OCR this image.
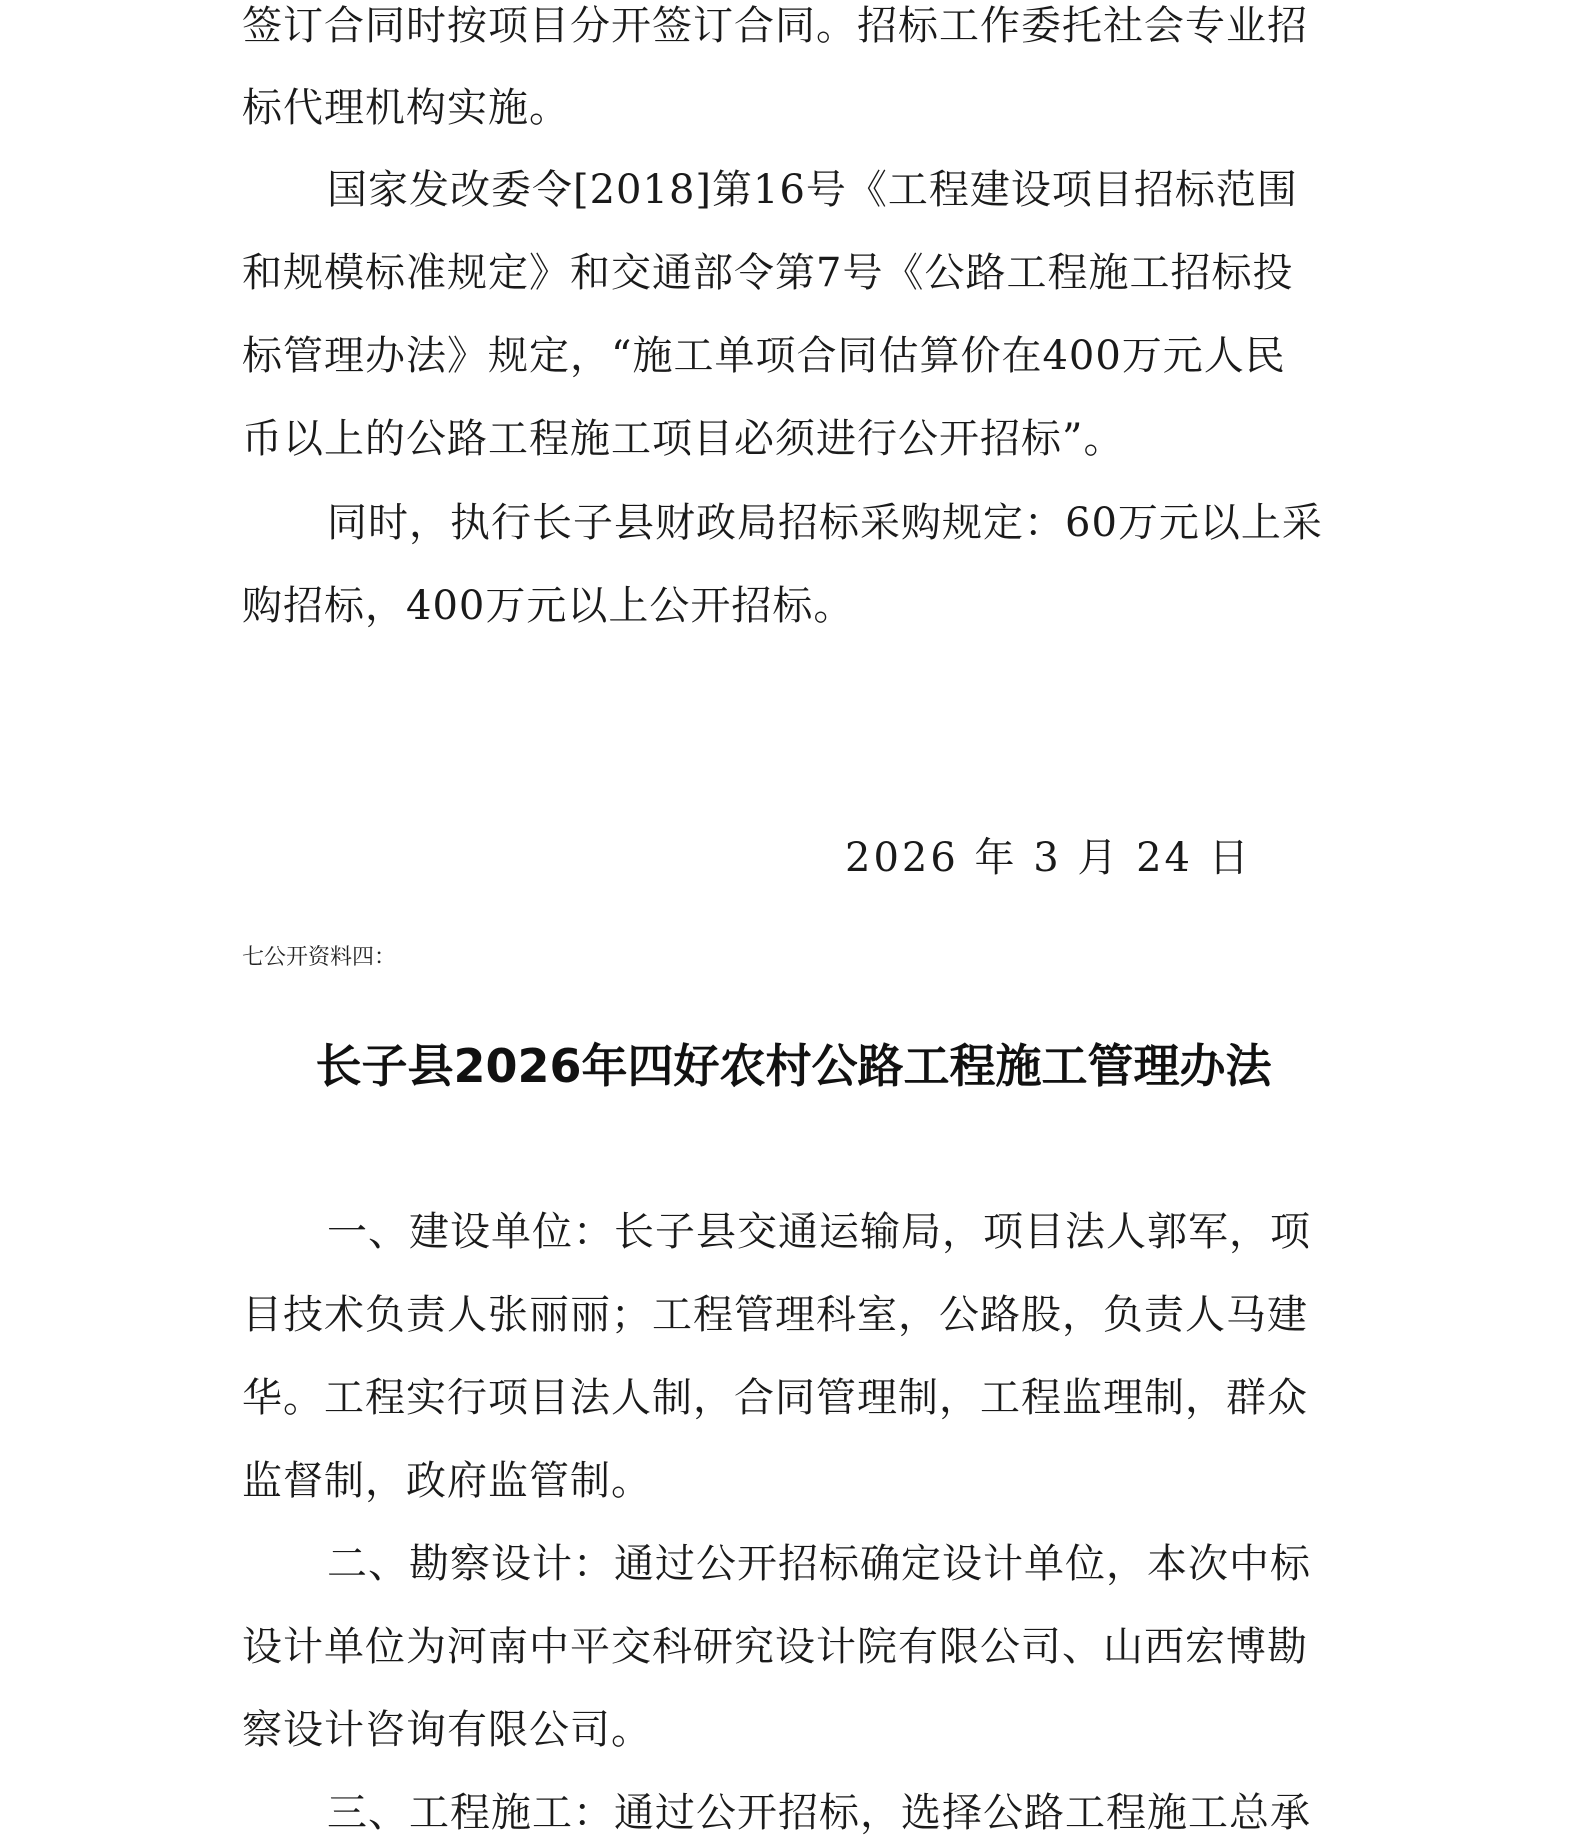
签订合同时按项目分开签订合同。招标工作委托社会专业招
标代理机构实施。
国家发改委令[2018]第16号《工程建设项目招标范围
和规模标准规定》和交通部令第7号《公路工程施工招标投
标管理办法》规定，“施工单项合同估算价在400万元人民
币以上的公路工程施工项目必须进行公开招标”。
同时，执行长子县财政局招标采购规定：60万元以上采
购招标，400万元以上公开招标。
2026 年 3 月 24 日
七公开资料四：
长子县2026年四好农村公路工程施工管理办法
一、建设单位：长子县交通运输局，项目法人郭军，项
目技术负责人张丽丽；工程管理科室，公路股，负责人马建
华。工程实行项目法人制，合同管理制，工程监理制，群众
监督制，政府监管制。
二、勘察设计：通过公开招标确定设计单位，本次中标
设计单位为河南中平交科研究设计院有限公司、山西宏博勘
察设计咨询有限公司。
三、工程施工：通过公开招标，选择公路工程施工总承
